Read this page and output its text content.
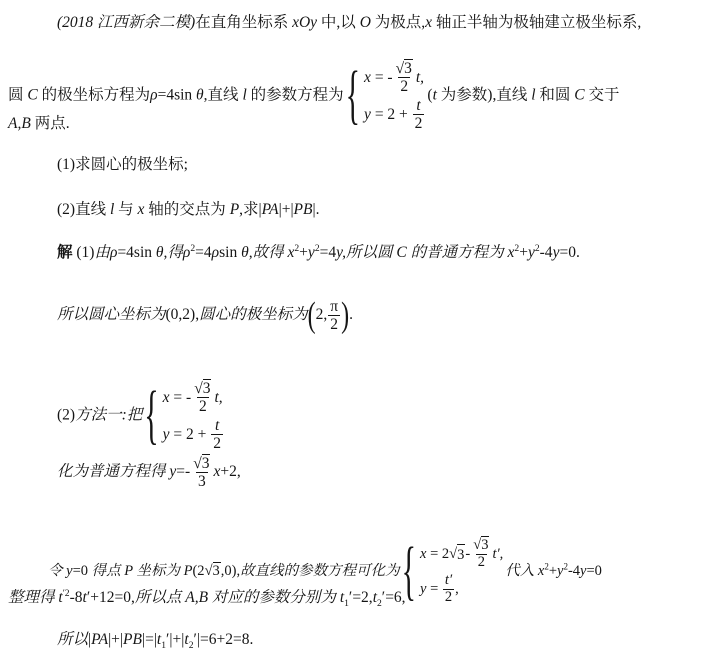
(2018 江西新余二模)在直角坐标系 xOy 中,以 O 为极点,x 轴正半轴为极轴建立极坐标系,
圆 C 的极坐标方程为ρ=4sin θ,直线 l 的参数方程为 { x = - $\frac{√3}{2} t$,
$y = 2 + \frac{t}{2}$
(t 为参数),直线 l 和圆 C 交于
A,B 两点.
(1)求圆心的极坐标;
(2)直线 l 与 x 轴的交点为 P,求|PA|+|PB|.
解 (1)由ρ=4sin θ,得$\rho^2=4\rho\sin$ θ,故得 $x^2+y^2=4y$,所以圆 C 的普通方程为 $x^2+y^2-4y=0$.
所以圆心坐标为(0,2),圆心的极坐标为(2, $\frac{\pi}{2}$ ).
(2)方法一:把 { x = - $\frac{√3}{2} t$,
$y = 2 + \frac{t}{2}$
化为普通方程得 $y=- \frac{√3}{3} x+2$,
令 y=0 得点 P 坐标为 P(2√3,0),故直线的参数方程可化为 { x = 2 √ $3 - \frac{√3}{2} t'$,
$y = \frac{t'}{2}$ ,
代入 $x^2+y^2-4y=0$
整理得 $t^{'2}-8t'+12=0$,所以点 A,B 对应的参数分别为 $t_1'=2,t_2'=6$,
所以$|PA|+|PB|=|t_1'|+|t_2'|=6+2=8$.
